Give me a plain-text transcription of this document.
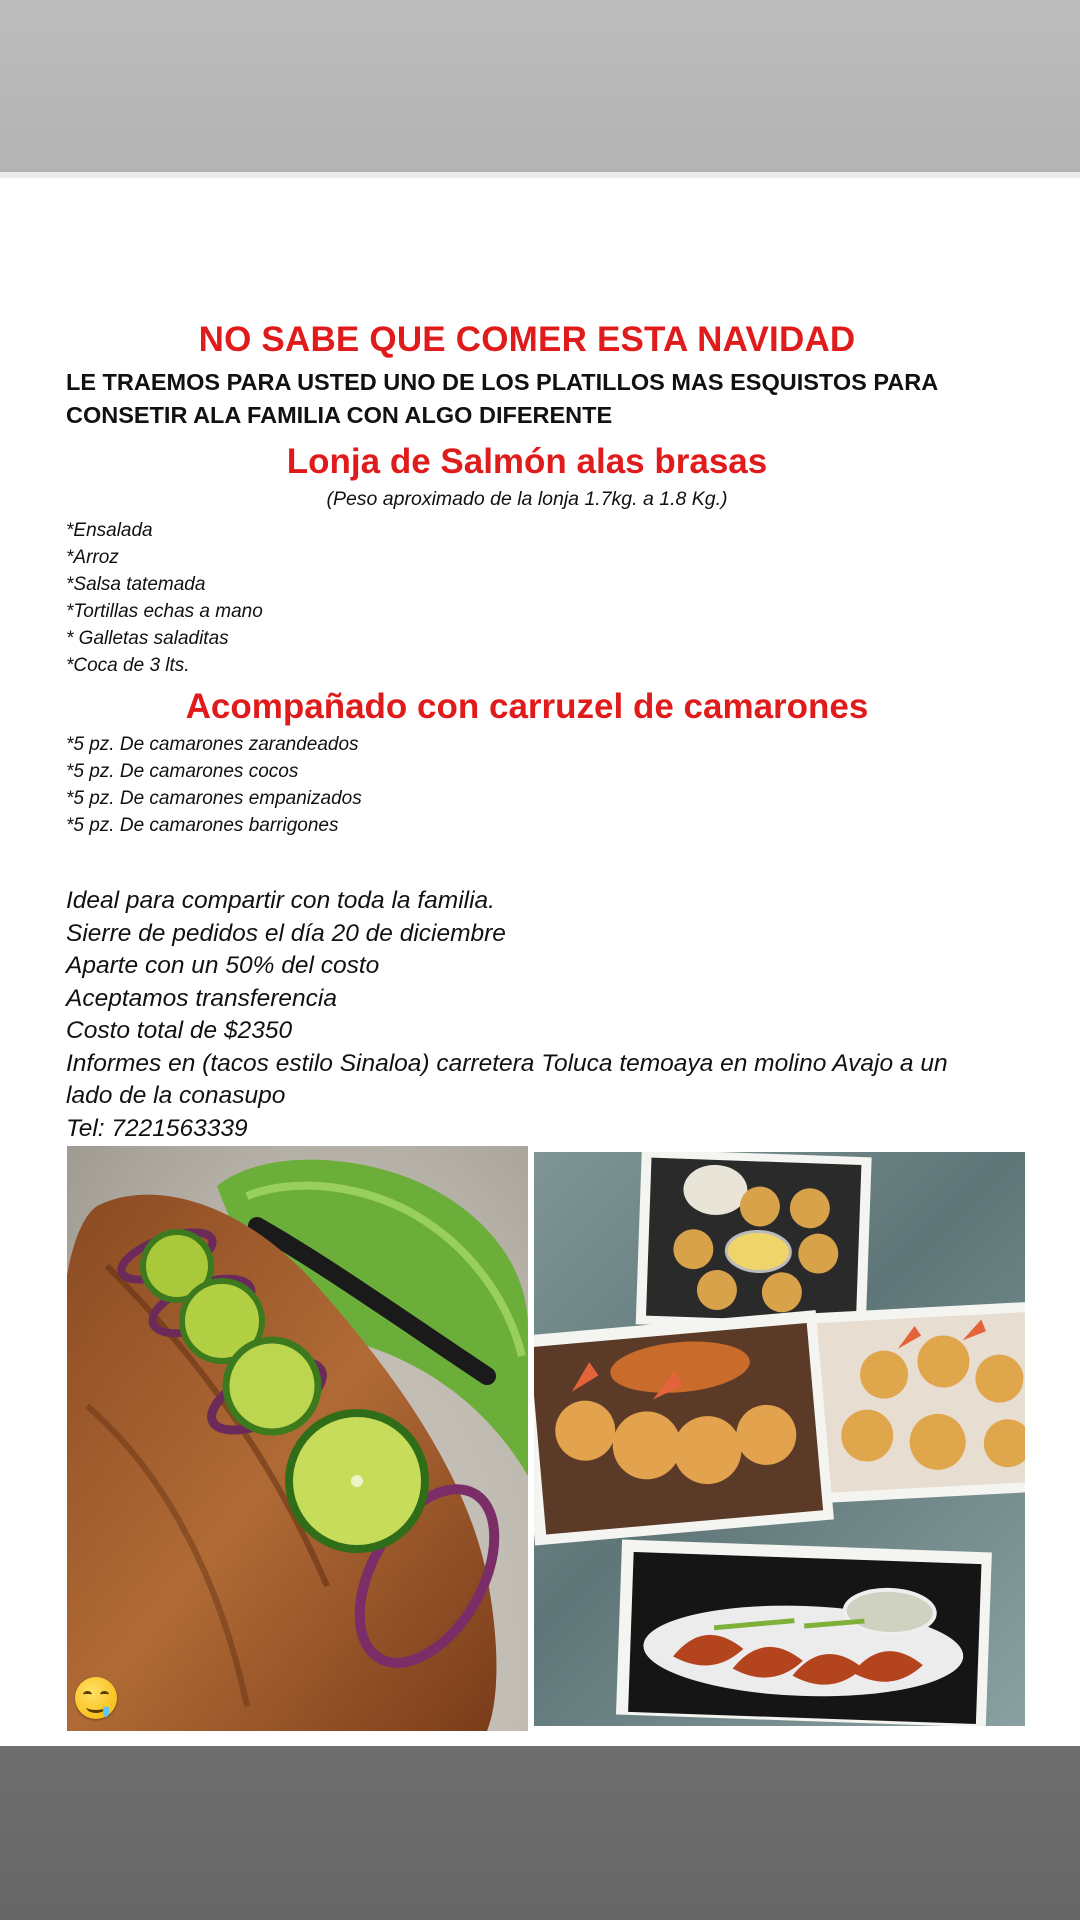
NO SABE QUE COMER ESTA NAVIDAD

LE TRAEMOS PARA USTED UNO DE LOS PLATILLOS MAS ESQUISTOS PARA CONSETIR ALA FAMILIA CON ALGO DIFERENTE

Lonja de Salmón alas brasas

(Peso aproximado de la lonja 1.7kg. a 1.8 Kg.)

*Ensalada
*Arroz
*Salsa tatemada
*Tortillas echas a mano
* Galletas saladitas
*Coca de 3 lts.
Acompañado con carruzel de camarones
*5 pz. De camarones zarandeados
*5 pz. De camarones cocos
*5 pz. De camarones empanizados
*5 pz. De camarones barrigones
Ideal para compartir con toda la familia.
Sierre de pedidos el día 20 de diciembre
Aparte con un 50% del costo
Aceptamos transferencia
Costo total de $2350
Informes en (tacos estilo Sinaloa) carretera Toluca temoaya en molino Avajo a un lado de la conasupo
Tel: 7221563339
